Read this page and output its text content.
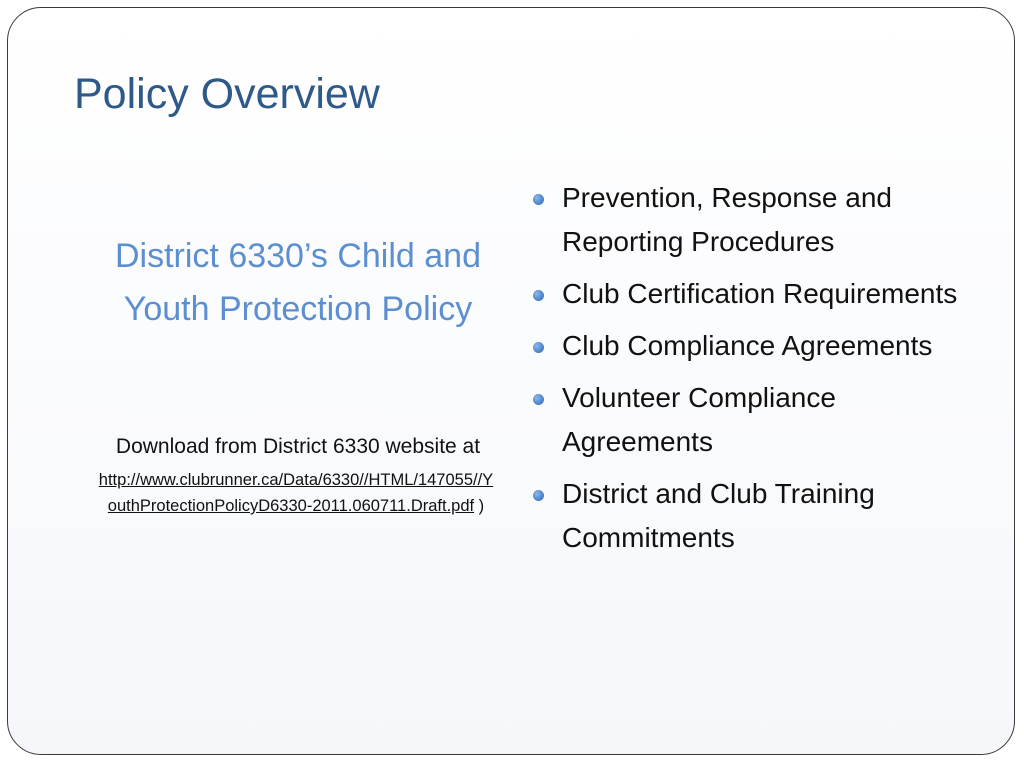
Policy Overview
District 6330’s Child and Youth Protection Policy
Download from District 6330 website at
http://www.clubrunner.ca/Data/6330//HTML/147055//YouthProtectionPolicyD6330-2011.060711.Draft.pdf )
Prevention, Response and Reporting Procedures
Club Certification Requirements
Club Compliance Agreements
Volunteer Compliance Agreements
District and Club Training Commitments
